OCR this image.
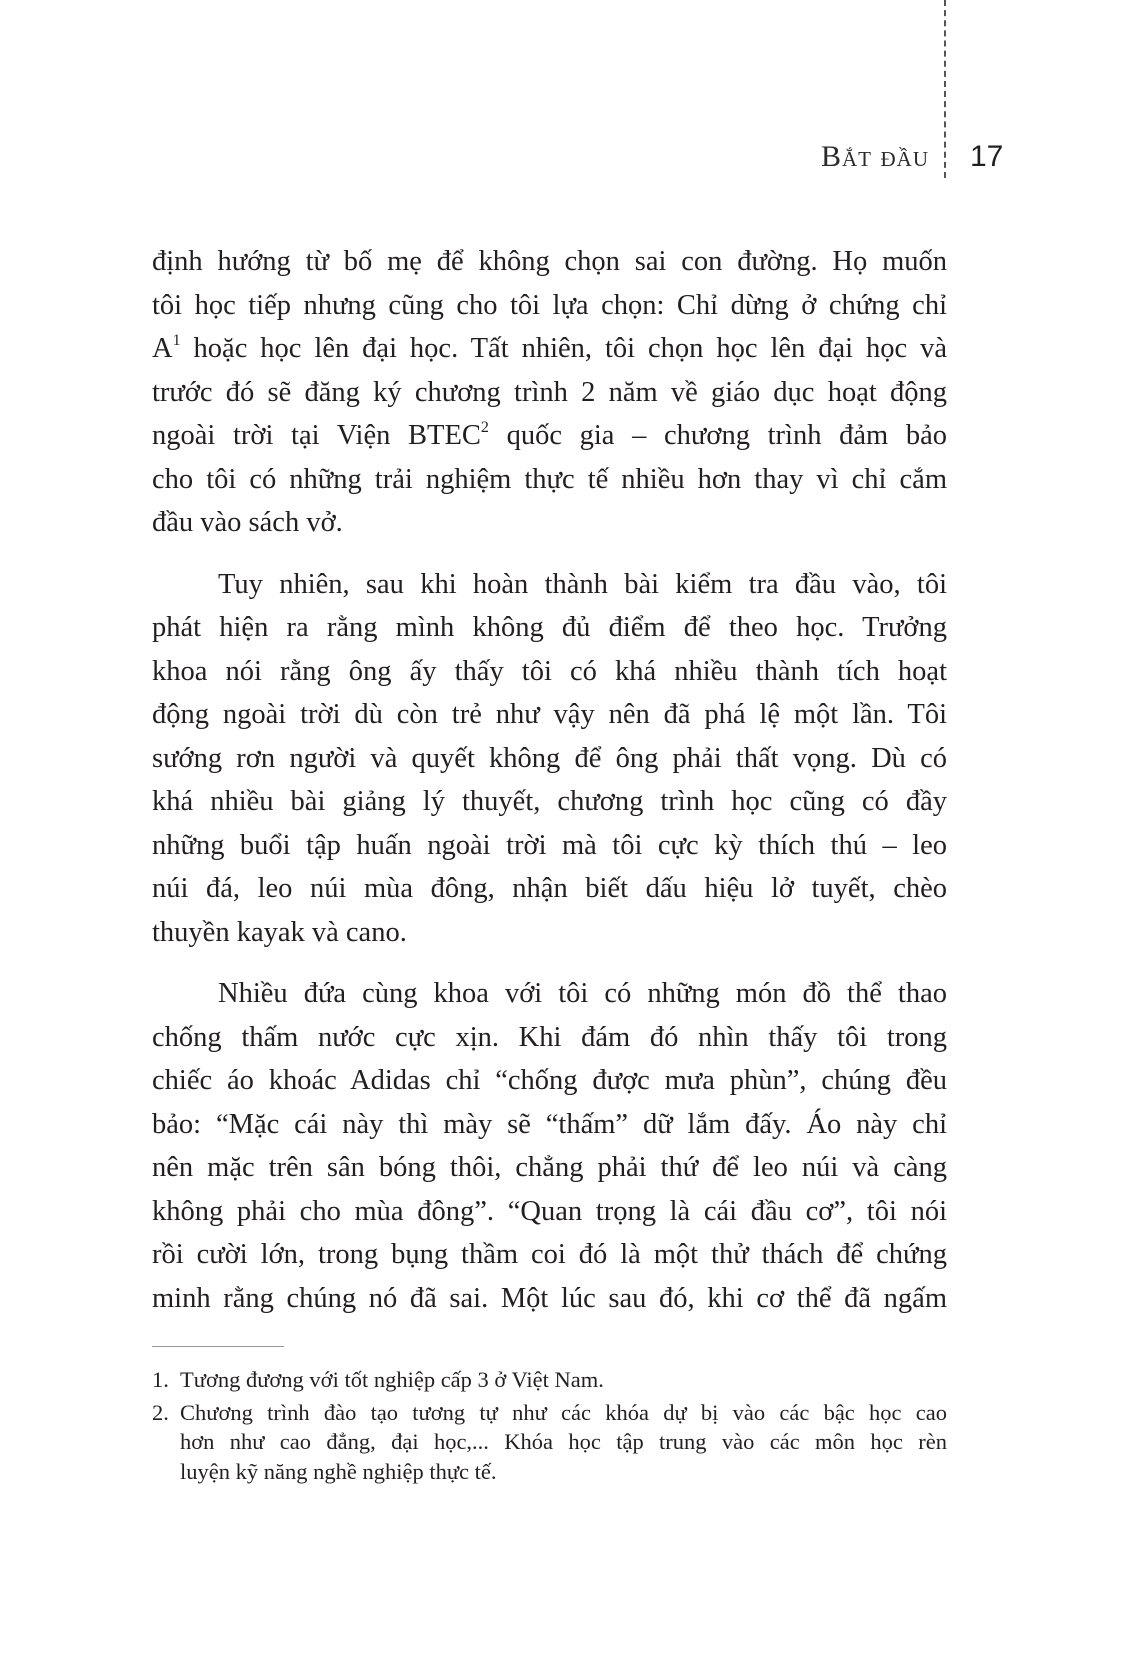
Bắt đầu 17

định hướng từ bố mẹ để không chọn sai con đường. Họ muốn
tôi học tiếp nhưng cũng cho tôi lựa chọn: Chỉ dừng ở chứng chỉ
$A^1$ hoặc học lên đại học. Tất nhiên, tôi chọn học lên đại học và
trước đó sẽ đăng ký chương trình 2 năm về giáo dục hoạt động
ngoài trời tại Viện BTEC$^2$ quốc gia – chương trình đảm bảo
cho tôi có những trải nghiệm thực tế nhiều hơn thay vì chỉ cắm
đầu vào sách vở.

Tuy nhiên, sau khi hoàn thành bài kiểm tra đầu vào, tôi
phát hiện ra rằng mình không đủ điểm để theo học. Trưởng
khoa nói rằng ông ấy thấy tôi có khá nhiều thành tích hoạt
động ngoài trời dù còn trẻ như vậy nên đã phá lệ một lần. Tôi
sướng rơn người và quyết không để ông phải thất vọng. Dù có
khá nhiều bài giảng lý thuyết, chương trình học cũng có đầy
những buổi tập huấn ngoài trời mà tôi cực kỳ thích thú – leo
núi đá, leo núi mùa đông, nhận biết dấu hiệu lở tuyết, chèo
thuyền kayak và cano.

Nhiều đứa cùng khoa với tôi có những món đồ thể thao
chống thấm nước cực xịn. Khi đám đó nhìn thấy tôi trong
chiếc áo khoác Adidas chỉ “chống được mưa phùn”, chúng đều
bảo: “Mặc cái này thì mày sẽ “thấm” dữ lắm đấy. Áo này chỉ
nên mặc trên sân bóng thôi, chẳng phải thứ để leo núi và càng
không phải cho mùa đông”. “Quan trọng là cái đầu cơ”, tôi nói
rồi cười lớn, trong bụng thầm coi đó là một thử thách để chứng
minh rằng chúng nó đã sai. Một lúc sau đó, khi cơ thể đã ngấm

1. Tương đương với tốt nghiệp cấp 3 ở Việt Nam.
2. Chương trình đào tạo tương tự như các khóa dự bị vào các bậc học cao
hơn như cao đẳng, đại học,... Khóa học tập trung vào các môn học rèn
luyện kỹ năng nghề nghiệp thực tế.
